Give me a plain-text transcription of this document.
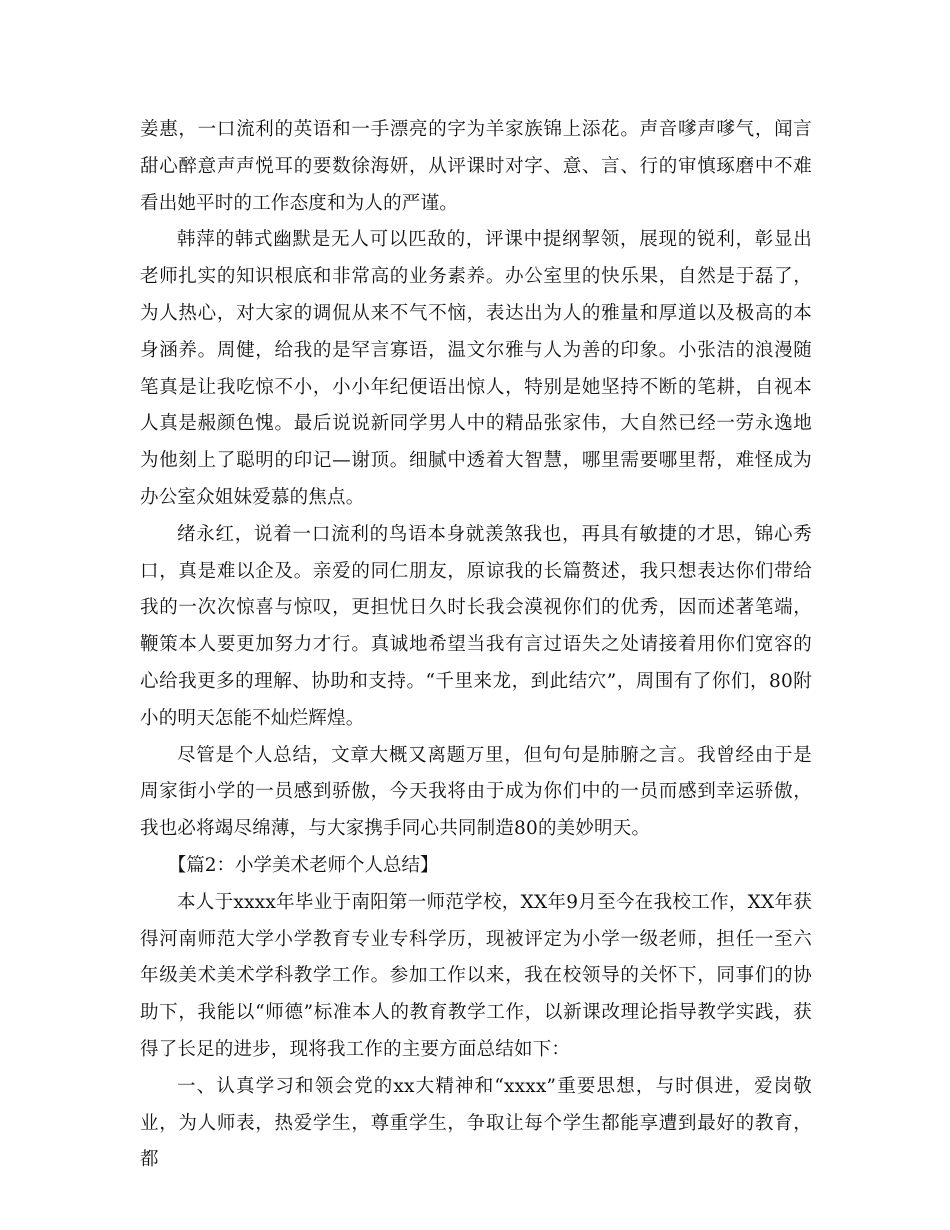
姜惠，一口流利的英语和一手漂亮的字为羊家族锦上添花。声音嗲声嗲气，闻言甜心醉意声声悦耳的要数徐海妍，从评课时对字、意、言、行的审慎琢磨中不难看出她平时的工作态度和为人的严谨。

韩萍的韩式幽默是无人可以匹敌的，评课中提纲挈领，展现的锐利，彰显出老师扎实的知识根底和非常高的业务素养。办公室里的快乐果，自然是于磊了，为人热心，对大家的调侃从来不气不恼，表达出为人的雅量和厚道以及极高的本身涵养。周健，给我的是罕言寡语，温文尔雅与人为善的印象。小张洁的浪漫随笔真是让我吃惊不小，小小年纪便语出惊人，特别是她坚持不断的笔耕，自视本人真是赧颜色愧。最后说说新同学男人中的精品张家伟，大自然已经一劳永逸地为他刻上了聪明的印记—谢顶。细腻中透着大智慧，哪里需要哪里帮，难怪成为办公室众姐妹爱慕的焦点。

绪永红，说着一口流利的鸟语本身就羡煞我也，再具有敏捷的才思，锦心秀口，真是难以企及。亲爱的同仁朋友，原谅我的长篇赘述，我只想表达你们带给我的一次次惊喜与惊叹，更担忧日久时长我会漠视你们的优秀，因而述著笔端，鞭策本人要更加努力才行。真诚地希望当我有言过语失之处请接着用你们宽容的心给我更多的理解、协助和支持。“千里来龙，到此结穴”，周围有了你们，80附小的明天怎能不灿烂辉煌。

尽管是个人总结，文章大概又离题万里，但句句是肺腑之言。我曾经由于是周家街小学的一员感到骄傲，今天我将由于成为你们中的一员而感到幸运骄傲，我也必将竭尽绵薄，与大家携手同心共同制造80的美妙明天。

【篇2：小学美术老师个人总结】

本人于xxxx年毕业于南阳第一师范学校，XX年9月至今在我校工作，XX年获得河南师范大学小学教育专业专科学历，现被评定为小学一级老师，担任一至六年级美术美术学科教学工作。参加工作以来，我在校领导的关怀下，同事们的协助下，我能以“师德”标准本人的教育教学工作，以新课改理论指导教学实践，获得了长足的进步，现将我工作的主要方面总结如下：

一、认真学习和领会党的xx大精神和“xxxx”重要思想，与时俱进，爱岗敬业，为人师表，热爱学生，尊重学生，争取让每个学生都能享遭到最好的教育，都
